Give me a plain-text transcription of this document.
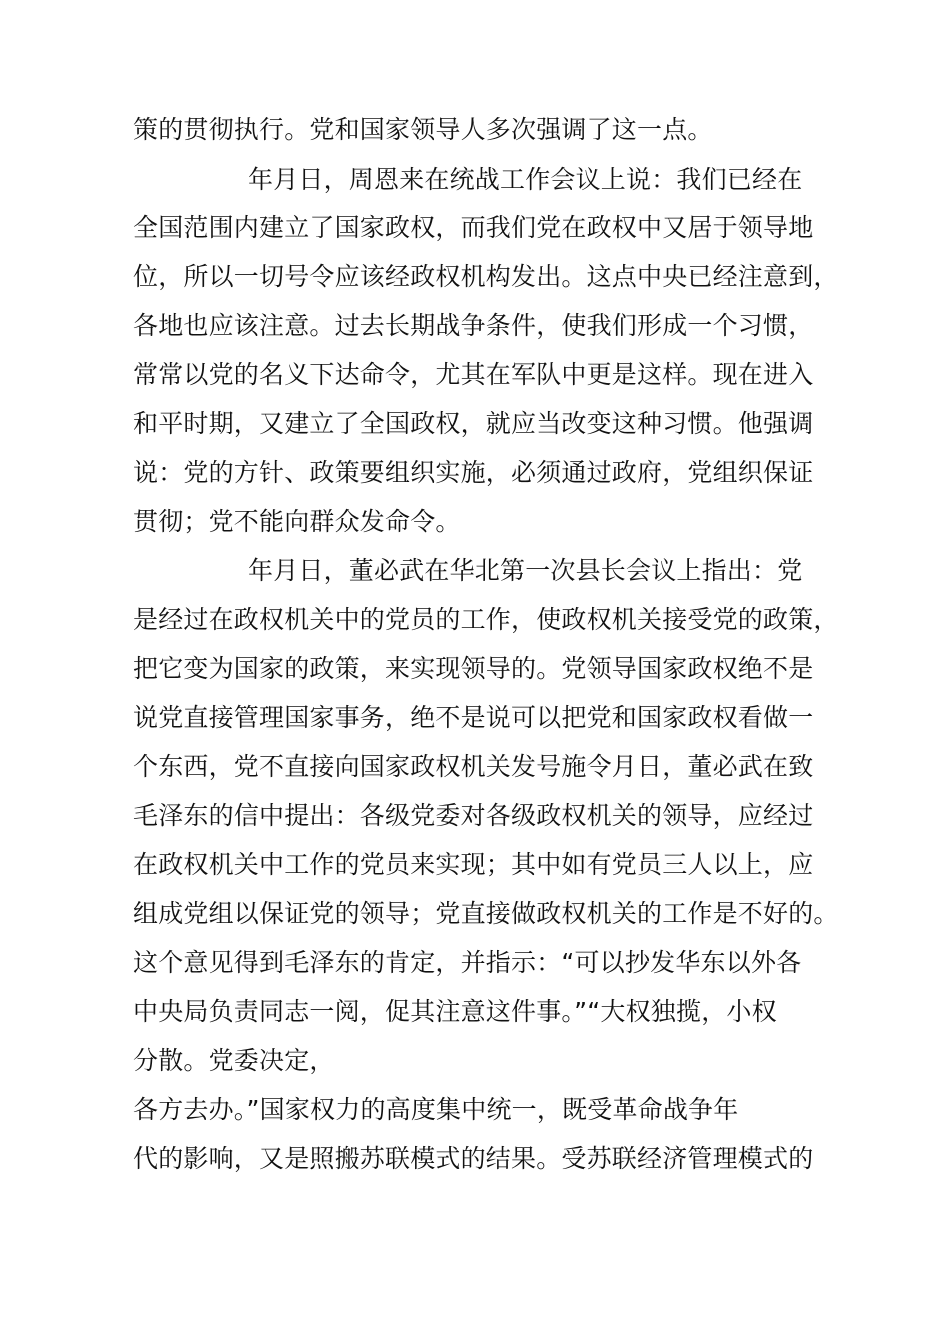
策的贯彻执行。党和国家领导人多次强调了这一点。
年月日，周恩来在统战工作会议上说：我们已经在
全国范围内建立了国家政权，而我们党在政权中又居于领导地
位，所以一切号令应该经政权机构发出。这点中央已经注意到，
各地也应该注意。过去长期战争条件，使我们形成一个习惯，
常常以党的名义下达命令，尤其在军队中更是这样。现在进入
和平时期，又建立了全国政权，就应当改变这种习惯。他强调
说：党的方针、政策要组织实施，必须通过政府，党组织保证
贯彻；党不能向群众发命令。
年月日，董必武在华北第一次县长会议上指出：党
是经过在政权机关中的党员的工作，使政权机关接受党的政策，
把它变为国家的政策，来实现领导的。党领导国家政权绝不是
说党直接管理国家事务，绝不是说可以把党和国家政权看做一
个东西，党不直接向国家政权机关发号施令月日，董必武在致
毛泽东的信中提出：各级党委对各级政权机关的领导，应经过
在政权机关中工作的党员来实现；其中如有党员三人以上，应
组成党组以保证党的领导；党直接做政权机关的工作是不好的。
这个意见得到毛泽东的肯定，并指示：“可以抄发华东以外各
中央局负责同志一阅，促其注意这件事。”“大权独揽，小权
分散。党委决定，
各方去办。”国家权力的高度集中统一，既受革命战争年
代的影响，又是照搬苏联模式的结果。受苏联经济管理模式的
